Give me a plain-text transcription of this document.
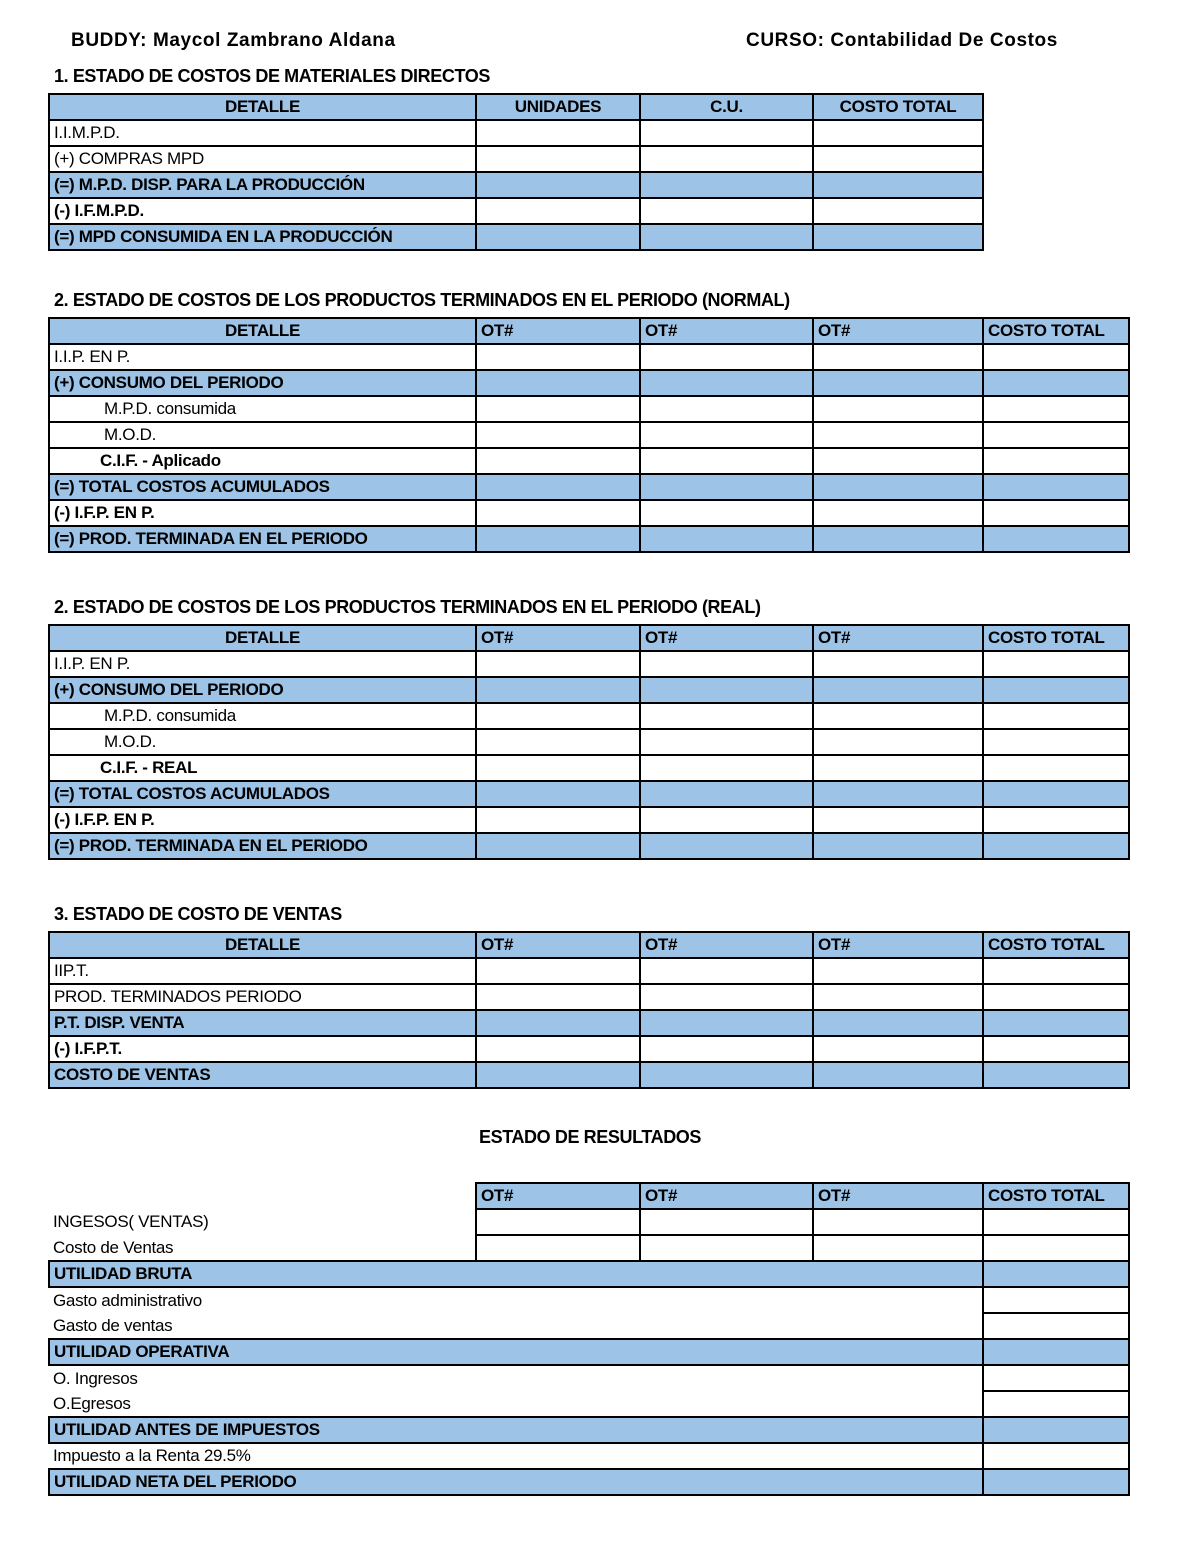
BUDDY: Maycol Zambrano Aldana	CURSO: Contabilidad De Costos
1. ESTADO DE COSTOS DE MATERIALES DIRECTOS
DETALLE	UNIDADES	C.U.	COSTO TOTAL
I.I.M.P.D.			
(+) COMPRAS MPD			
(=) M.P.D. DISP. PARA LA PRODUCCIÓN			
(-) I.F.M.P.D.			
(=) MPD CONSUMIDA EN LA PRODUCCIÓN			
2. ESTADO DE COSTOS DE LOS PRODUCTOS TERMINADOS EN EL PERIODO (NORMAL)
DETALLE	OT#	OT#	OT#	COSTO TOTAL
I.I.P. EN P.				
(+) CONSUMO DEL PERIODO				
M.P.D. consumida				
M.O.D.				
C.I.F. - Aplicado				
(=) TOTAL COSTOS ACUMULADOS				
(-) I.F.P. EN P.				
(=) PROD. TERMINADA EN EL PERIODO				
2. ESTADO DE COSTOS DE LOS PRODUCTOS TERMINADOS EN EL PERIODO (REAL)
DETALLE	OT#	OT#	OT#	COSTO TOTAL
I.I.P. EN P.				
(+) CONSUMO DEL PERIODO				
M.P.D. consumida				
M.O.D.				
C.I.F. - REAL				
(=) TOTAL COSTOS ACUMULADOS				
(-) I.F.P. EN P.				
(=) PROD. TERMINADA EN EL PERIODO				
3. ESTADO DE COSTO DE VENTAS
DETALLE	OT#	OT#	OT#	COSTO TOTAL
IIP.T.				
PROD. TERMINADOS PERIODO				
P.T. DISP. VENTA				
(-) I.F.P.T.				
COSTO DE VENTAS				
ESTADO DE RESULTADOS
	OT#	OT#	OT#	COSTO TOTAL
INGESOS( VENTAS)				
Costo de Ventas				
UTILIDAD BRUTA				
Gasto administrativo				
Gasto de ventas				
UTILIDAD OPERATIVA				
O. Ingresos				
O.Egresos				
UTILIDAD ANTES DE IMPUESTOS				
Impuesto a la Renta 29.5%				
UTILIDAD NETA DEL PERIODO				
